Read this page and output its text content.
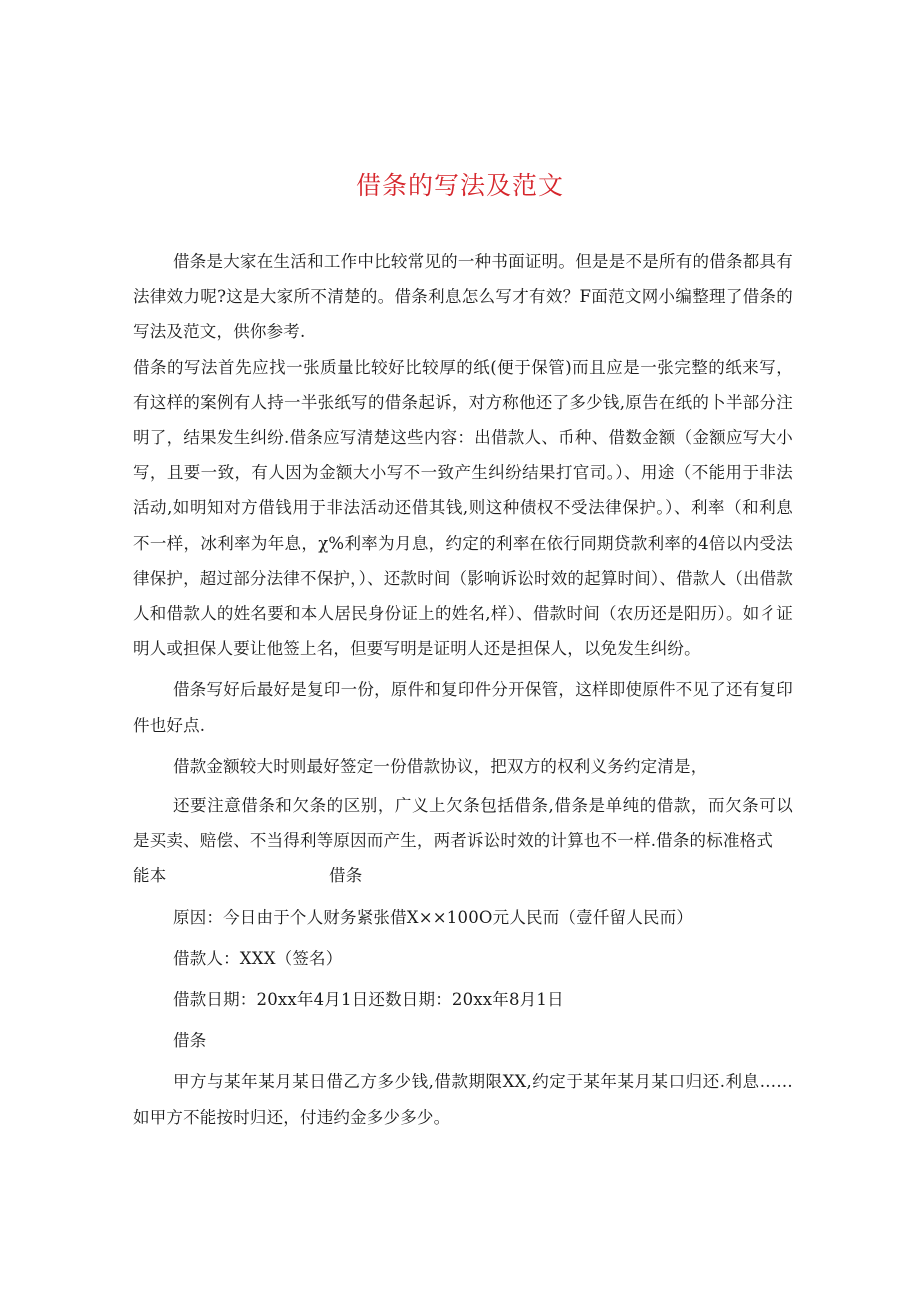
借条的写法及范文

借条是大家在生活和工作中比较常见的一种书面证明。但是是不是所有的借条都具有法律效力呢?这是大家所不清楚的。借条利息怎么写才有效？F面范文网小编整理了借条的写法及范文，供你参考.

借条的写法首先应找一张质量比较好比较厚的纸(便于保管)而且应是一张完整的纸来写，有这样的案例有人持一半张纸写的借条起诉，对方称他还了多少钱,原告在纸的卜半部分注明了，结果发生纠纷.借条应写清楚这些内容：出借款人、币种、借数金额（金额应写大小写，且要一致，有人因为金额大小写不一致产生纠纷结果打官司。）、用途（不能用于非法活动,如明知对方借钱用于非法活动还借其钱,则这种债权不受法律保护。）、利率（和利息不一样，冰利率为年息，χ%利率为月息，约定的利率在依行同期贷款利率的4倍以内受法律保护，超过部分法律不保护，）、还款时间（影响诉讼时效的起算时间）、借款人（出借款人和借款人的姓名要和本人居民身份证上的姓名,样）、借款时间（农历还是阳历）。如彳证明人或担保人要让他签上名，但要写明是证明人还是担保人，以免发生纠纷。

借条写好后最好是复印一份，原件和复印件分开保管，这样即使原件不见了还有复印件也好点.

借款金额较大时则最好签定一份借款协议，把双方的权利义务约定清是，

还要注意借条和欠条的区别，广义上欠条包括借条,借条是单纯的借款，而欠条可以是买卖、赔偿、不当得利等原因而产生，两者诉讼时效的计算也不一样.借条的标准格式

能本	借条

原因：今日由于个人财务紧张借X××100O元人民而（壹仟留人民而）

借款人：XXX（签名）

借款日期：20xx年4月1日还数日期：20xx年8月1日

借条

甲方与某年某月某日借乙方多少钱,借款期限XX,约定于某年某月某口归还.利息……如甲方不能按时归还，付违约金多少多少。
